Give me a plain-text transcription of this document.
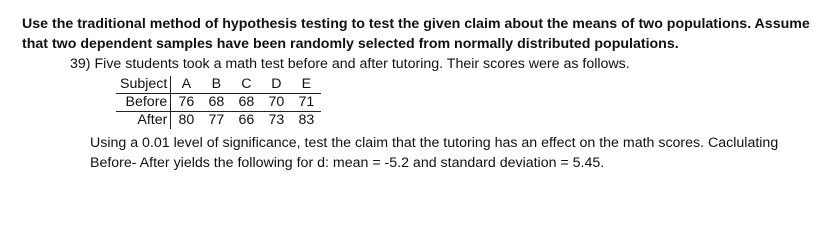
Use the traditional method of hypothesis testing to test the given claim about the means of two populations. Assume
that two dependent samples have been randomly selected from normally distributed populations.
39) Five students took a math test before and after tutoring. Their scores were as follows.
Subject	A	B	C	D	E
Before	76	68	68	70	71
After	80	77	66	73	83
Using a 0.01 level of significance, test the claim that the tutoring has an effect on the math scores. Caclulating
Before- After yields the following for d: mean = -5.2 and standard deviation = 5.45.
